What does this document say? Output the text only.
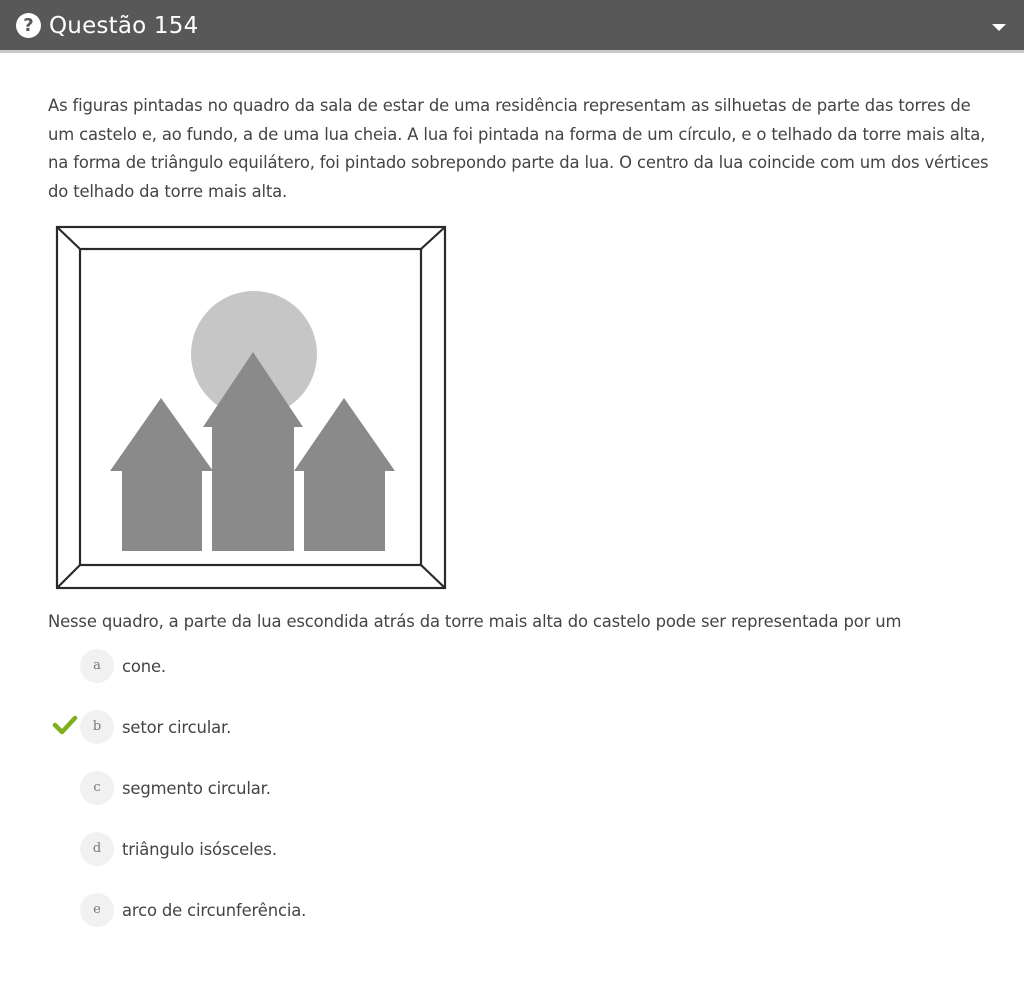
? Questão 154

As figuras pintadas no quadro da sala de estar de uma residência representam as silhuetas de parte das torres de um castelo e, ao fundo, a de uma lua cheia. A lua foi pintada na forma de um círculo, e o telhado da torre mais alta, na forma de triângulo equilátero, foi pintado sobrepondo parte da lua. O centro da lua coincide com um dos vértices do telhado da torre mais alta.

Nesse quadro, a parte da lua escondida atrás da torre mais alta do castelo pode ser representada por um

a	cone.
b	setor circular.
c	segmento circular.
d	triângulo isósceles.
e	arco de circunferência.
